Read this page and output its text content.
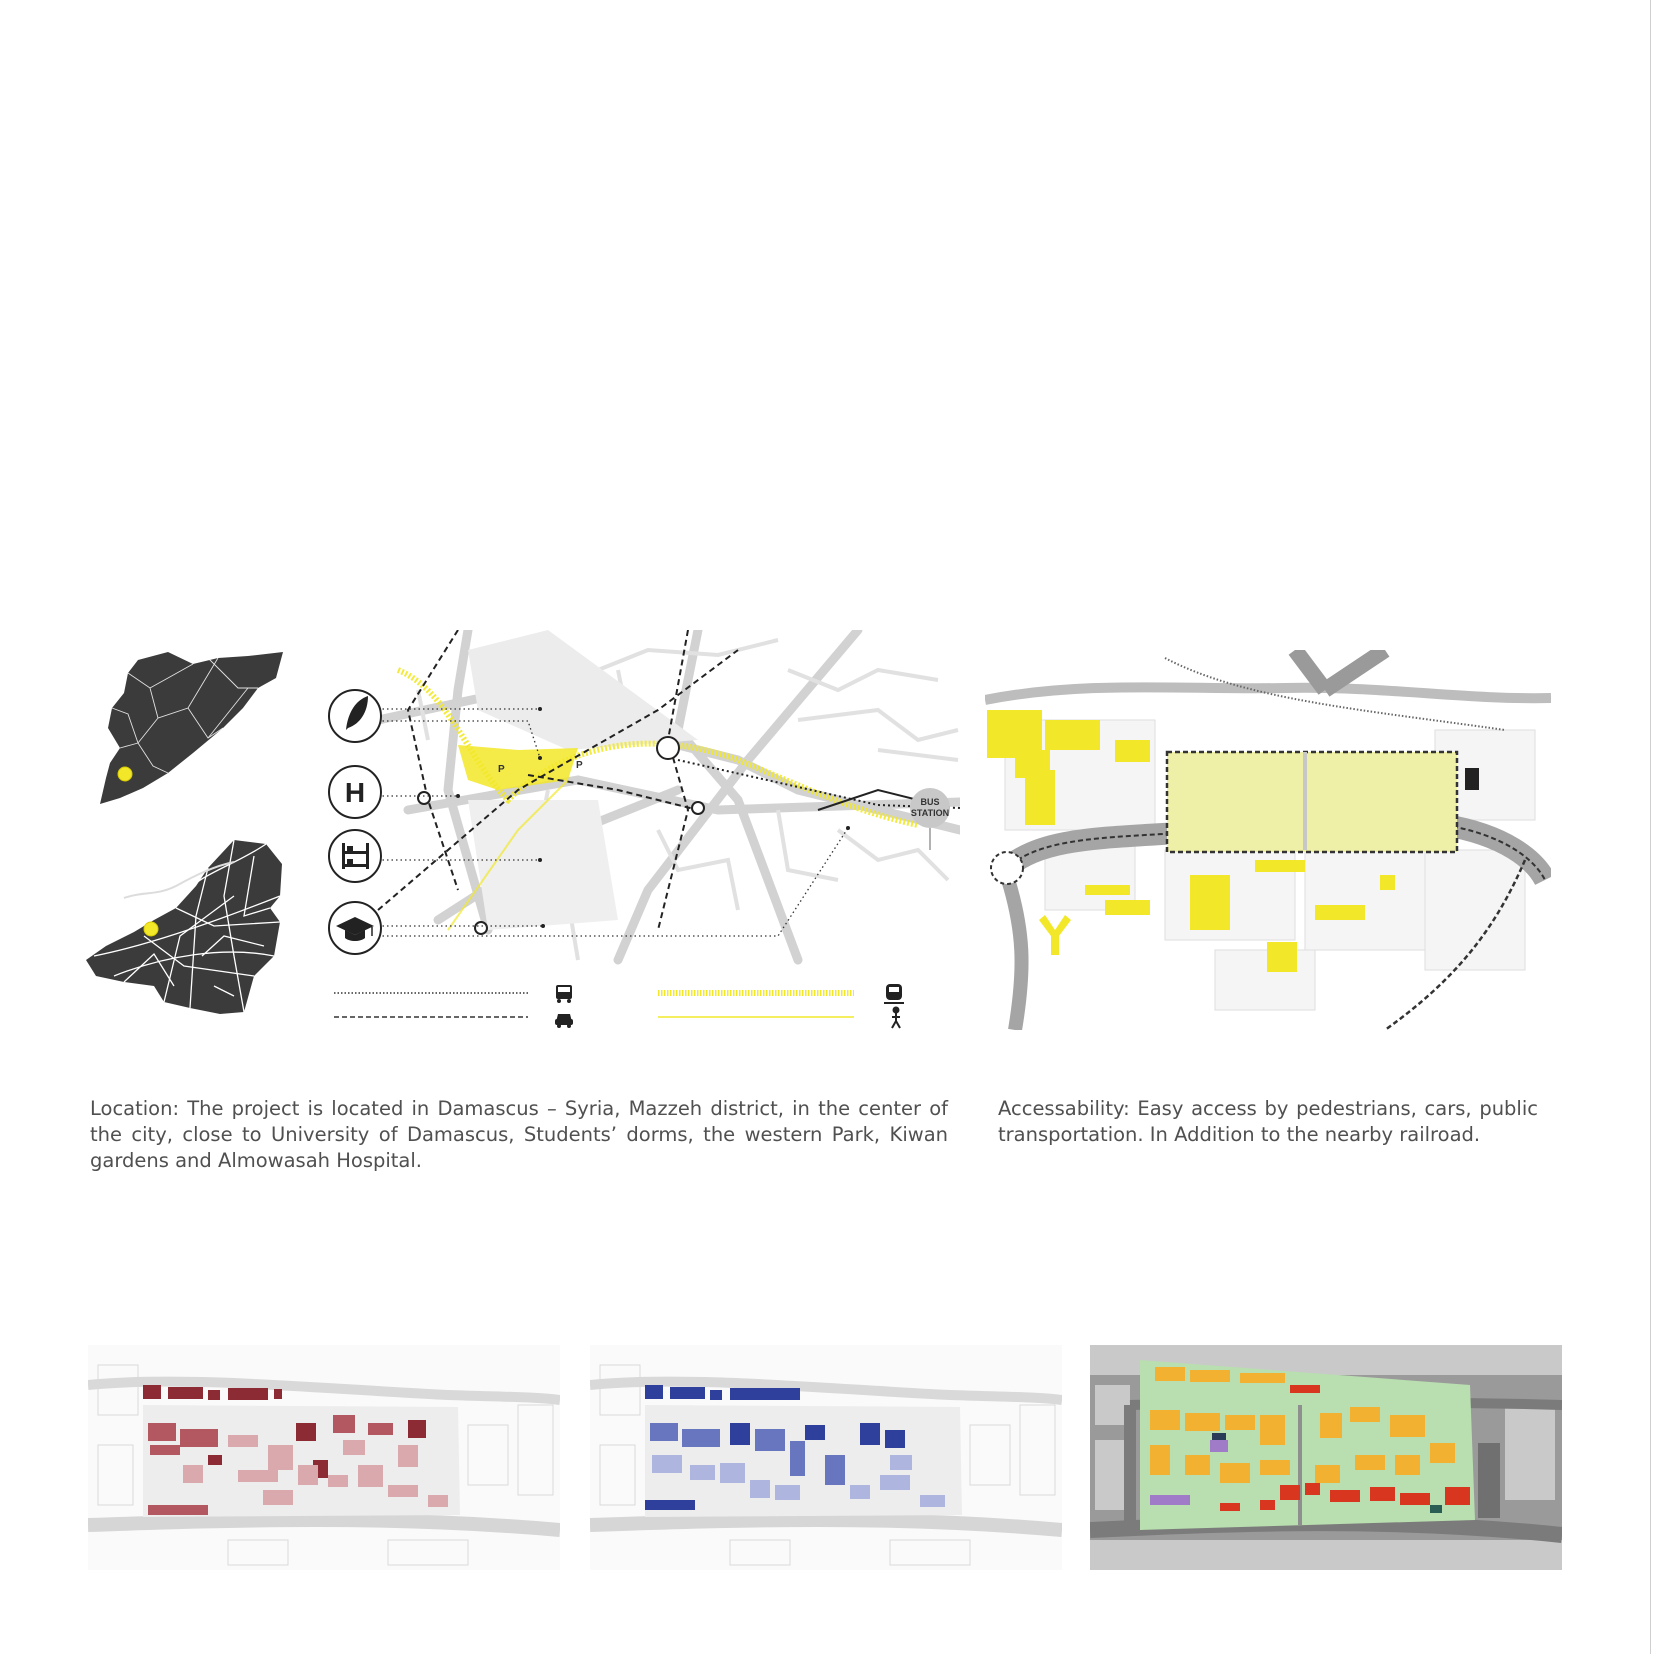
P	P
BUS
STATION
H

Location: The project is located in Damascus – Syria, Mazzeh district, in the center of the city, close to University of Damascus, Students’ dorms, the western Park, Kiwan gardens and Almowasah Hospital.

Accessability: Easy access by pedestrians, cars, public transportation. In Addition to the nearby railroad.
